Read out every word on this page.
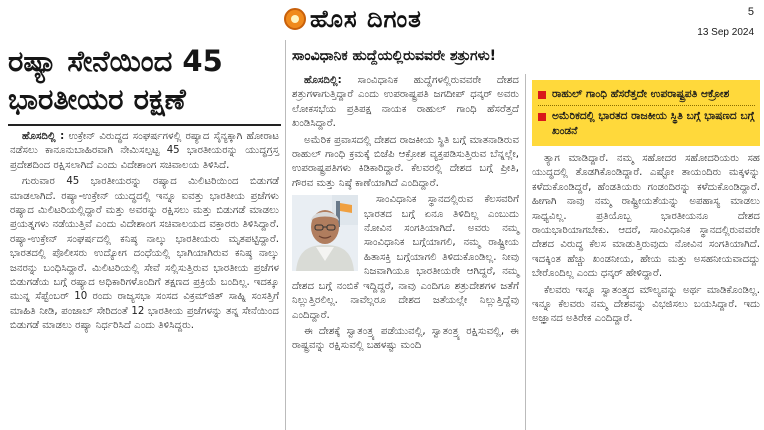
ಹೊಸ ದಿಗಂತ	5
13 Sep 2024
ರಷ್ಯಾ ಸೇನೆಯಿಂದ 45
ಭಾರತೀಯರ ರಕ್ಷಣೆ

ಹೊಸದಿಲ್ಲಿ : ಉಕ್ರೇನ್ ವಿರುದ್ಧದ ಸಂಘರ್ಷಗಳಲ್ಲಿ ರಷ್ಯಾದ ಸೈನ್ಯಕ್ಕಾಗಿ ಹೋರಾಟ ನಡೆಸಲು ಕಾನೂನುಬಾಹಿರವಾಗಿ ನೇಮಿಸಲ್ಪಟ್ಟ 45 ಭಾರತೀಯರನ್ನು ಯುದ್ಧಗ್ರಸ್ತ ಪ್ರದೇಶದಿಂದ ರಕ್ಷಿಸಲಾಗಿದೆ ಎಂದು ವಿದೇಶಾಂಗ ಸಚಿವಾಲಯ ತಿಳಿಸಿದೆ.

ಗುರುವಾರ 45 ಭಾರತೀಯರನ್ನು ರಷ್ಯಾದ ಮಿಲಿಟರಿಯಿಂದ ಬಿಡುಗಡೆ ಮಾಡಲಾಗಿದೆ. ರಷ್ಯಾ-ಉಕ್ರೇನ್ ಯುದ್ಧದಲ್ಲಿ ಇನ್ನೂ ಐವತ್ತು ಭಾರತೀಯ ಪ್ರಜೆಗಳು ರಷ್ಯಾದ ಮಿಲಿಟರಿಯಲ್ಲಿದ್ದಾರೆ ಮತ್ತು ಅವರನ್ನು ರಕ್ಷಿಸಲು ಮತ್ತು ಬಿಡುಗಡೆ ಮಾಡಲು ಪ್ರಯತ್ನಗಳು ನಡೆಯುತ್ತಿವೆ ಎಂದು ವಿದೇಶಾಂಗ ಸಚಿವಾಲಯದ ವಕ್ತಾರರು ತಿಳಿಸಿದ್ದಾರೆ. ರಷ್ಯಾ-ಉಕ್ರೇನ್ ಸಂಘರ್ಷದಲ್ಲಿ ಕನಿಷ್ಠ ನಾಲ್ಕು ಭಾರತೀಯರು ಮೃತಪಟ್ಟಿದ್ದಾರೆ. ಭಾರತದಲ್ಲಿ ಪೊಲೀಸರು ಉದ್ಯೋಗ ದಂಧೆಯಲ್ಲಿ ಭಾಗಿಯಾಗಿರುವ ಕನಿಷ್ಠ ನಾಲ್ಕು ಜನರನ್ನು ಬಂಧಿಸಿದ್ದಾರೆ. ಮಿಲಿಟರಿಯಲ್ಲಿ ಸೇವೆ ಸಲ್ಲಿಸುತ್ತಿರುವ ಭಾರತೀಯ ಪ್ರಜೆಗಳ ಬಿಡುಗಡೆಯ ಬಗ್ಗೆ ರಷ್ಯಾದ ಅಧಿಕಾರಿಗಳೊಂದಿಗೆ ತಕ್ಷಣದ ಪ್ರಕ್ರಿಯೆ ಬಂದಿಲ್ಲ. ಇದಕ್ಕೂ ಮುನ್ನ ಸೆಪ್ಟೆಂಬರ್ 10 ರಂದು ರಾಜ್ಯಸಭಾ ಸಂಸದ ವಿಕ್ರಮ್‌ಜಿತ್ ಸಾಹ್ನಿ ಸಂಸತ್ತಿಗೆ ಮಾಹಿತಿ ನೀಡಿ, ಪಂಜಾಬ್ ಸೇರಿದಂತೆ 12 ಭಾರತೀಯ ಪ್ರಜೆಗಳನ್ನು ತನ್ನ ಸೇನೆಯಿಂದ ಬಿಡುಗಡೆ ಮಾಡಲು ರಷ್ಯಾ ನಿರ್ಧರಿಸಿದೆ ಎಂದು ತಿಳಿಸಿದ್ದರು.

ಸಾಂವಿಧಾನಿಕ ಹುದ್ದೆಯಲ್ಲಿರುವವರೇ ಶತ್ರುಗಳು!

ಹೊಸದಿಲ್ಲಿ: ಸಾಂವಿಧಾನಿಕ ಹುದ್ದೆಗಳಲ್ಲಿರುವವರೇ ದೇಶದ ಶತ್ರುಗಳಾಗುತ್ತಿದ್ದಾರೆ ಎಂದು ಉಪರಾಷ್ಟ್ರಪತಿ ಜಗದೀಪ್ ಧನ್ಕರ್ ಅವರು ಲೋಕಸಭೆಯ ಪ್ರತಿಪಕ್ಷ ನಾಯಕ ರಾಹುಲ್ ಗಾಂಧಿ ಹೆಸರೆತ್ತದೆ ಖಂಡಿಸಿದ್ದಾರೆ.

ಅಮೆರಿಕ ಪ್ರವಾಸದಲ್ಲಿ ದೇಶದ ರಾಜಕೀಯ ಸ್ಥಿತಿ ಬಗ್ಗೆ ಮಾತನಾಡಿರುವ ರಾಹುಲ್ ಗಾಂಧಿ ಕ್ರಮಕ್ಕೆ ಬಿಜೆಪಿ ಆಕ್ರೋಶ ವ್ಯಕ್ತಪಡಿಸುತ್ತಿರುವ ಬೆನ್ನಲ್ಲೇ, ಉಪರಾಷ್ಟ್ರಪತಿಗಳು ಕಿಡಿಕಾರಿದ್ದಾರೆ. ಕೆಲವರಲ್ಲಿ ದೇಶದ ಬಗ್ಗೆ ಪ್ರೀತಿ, ಗೌರವ ಮತ್ತು ನಿಷ್ಠೆ ಕಾಣೆಯಾಗಿದೆ ಎಂದಿದ್ದಾರೆ.

ಸಾಂವಿಧಾನಿಕ ಸ್ಥಾನದಲ್ಲಿರುವ ಕೆಲಸವರಿಗೆ ಭಾರತದ ಬಗ್ಗೆ ಏನೂ ತಿಳಿದಿಲ್ಲ ಎಂಬುದು ನೋವಿನ ಸಂಗತಿಯಾಗಿದೆ. ಅವರು ನಮ್ಮ ಸಾಂವಿಧಾನಿಕ ಬಗ್ಗೆಯಾಗಲಿ, ನಮ್ಮ ರಾಷ್ಟ್ರೀಯ ಹಿತಾಸಕ್ತಿ ಬಗ್ಗೆಯಾಗಲಿ ತಿಳಿದುಕೊಂಡಿಲ್ಲ. ನೀವು ನಿಜವಾಗಿಯೂ ಭಾರತೀಯರೇ ಆಗಿದ್ದರೆ, ನಮ್ಮ ದೇಶದ ಬಗ್ಗೆ ನಂಬಿಕೆ ಇದ್ದಿದ್ದರೆ, ನಾವು ಎಂದಿಗೂ ಶತ್ರುದೇಶಗಳ ಜತೆಗೆ ನಿಲ್ಲುತ್ತಿರಲಿಲ್ಲ. ನಾವೆಲ್ಲರೂ ದೇಶದ ಜತೆಯಲ್ಲೇ ನಿಲ್ಲುತ್ತಿದ್ದೆವು ಎಂದಿದ್ದಾರೆ.

ಈ ದೇಶಕ್ಕೆ ಸ್ವಾತಂತ್ರ್ಯ ಪಡೆಯುವಲ್ಲಿ, ಸ್ವಾತಂತ್ರ್ಯ ರಕ್ಷಿಸುವಲ್ಲಿ, ಈ ರಾಷ್ಟ್ರವನ್ನು ರಕ್ಷಿಸುವಲ್ಲಿ ಬಹಳಷ್ಟು ಮಂದಿ

ರಾಹುಲ್ ಗಾಂಧಿ ಹೆಸರೆತ್ತದೇ ಉಪರಾಷ್ಟ್ರಪತಿ ಆಕ್ರೋಶ
ಅಮೆರಿಕದಲ್ಲಿ ಭಾರತದ ರಾಜಕೀಯ ಸ್ಥಿತಿ ಬಗ್ಗೆ ಭಾಷಣದ ಬಗ್ಗೆ ಖಂಡನೆ

ತ್ಯಾಗ ಮಾಡಿದ್ದಾರೆ. ನಮ್ಮ ಸಹೋದರ ಸಹೋದರಿಯರು ಸಹ ಯುದ್ಧದಲ್ಲಿ ತೊಡಗಿಕೊಂಡಿದ್ದಾರೆ. ಎಷ್ಟೋ ತಾಯಂದಿರು ಮಕ್ಕಳನ್ನು ಕಳೆದುಕೊಂಡಿದ್ದರೆ, ಹೆಂಡತಿಯರು ಗಂಡಂದಿರನ್ನು ಕಳೆದುಕೊಂಡಿದ್ದಾರೆ. ಹೀಗಾಗಿ ನಾವು ನಮ್ಮ ರಾಷ್ಟ್ರೀಯತೆಯನ್ನು ಅಪಹಾಸ್ಯ ಮಾಡಲು ಸಾಧ್ಯವಿಲ್ಲ. ಪ್ರತಿಯೊಬ್ಬ ಭಾರತೀಯನೂ ದೇಶದ ರಾಯಭಾರಿಯಾಗಬೇಕು. ಆದರೆ, ಸಾಂವಿಧಾನಿಕ ಸ್ಥಾನದಲ್ಲಿರುವವರೇ ದೇಶದ ವಿರುದ್ಧ ಕೆಲಸ ಮಾಡುತ್ತಿರುವುದು ನೋವಿನ ಸಂಗತಿಯಾಗಿದೆ. ಇದಕ್ಕಿಂತ ಹೆಚ್ಚು ಖಂಡನೀಯ, ಹೇಯ ಮತ್ತು ಅಸಹನೀಯವಾದದ್ದು ಬೇರೊಂದಿಲ್ಲ ಎಂದು ಧನ್ಕರ್ ಹೇಳಿದ್ದಾರೆ.

ಕೆಲವರು ಇನ್ನೂ ಸ್ವಾತಂತ್ರ್ಯದ ಮೌಲ್ಯವನ್ನು ಅರ್ಥ ಮಾಡಿಕೊಂಡಿಲ್ಲ. ಇನ್ನೂ ಕೆಲವರು ನಮ್ಮ ದೇಶವನ್ನು ವಿಭಜಿಸಲು ಬಯಸಿದ್ದಾರೆ. ಇದು ಅಜ್ಞಾನದ ಅತಿರೇಕ ಎಂದಿದ್ದಾರೆ.
